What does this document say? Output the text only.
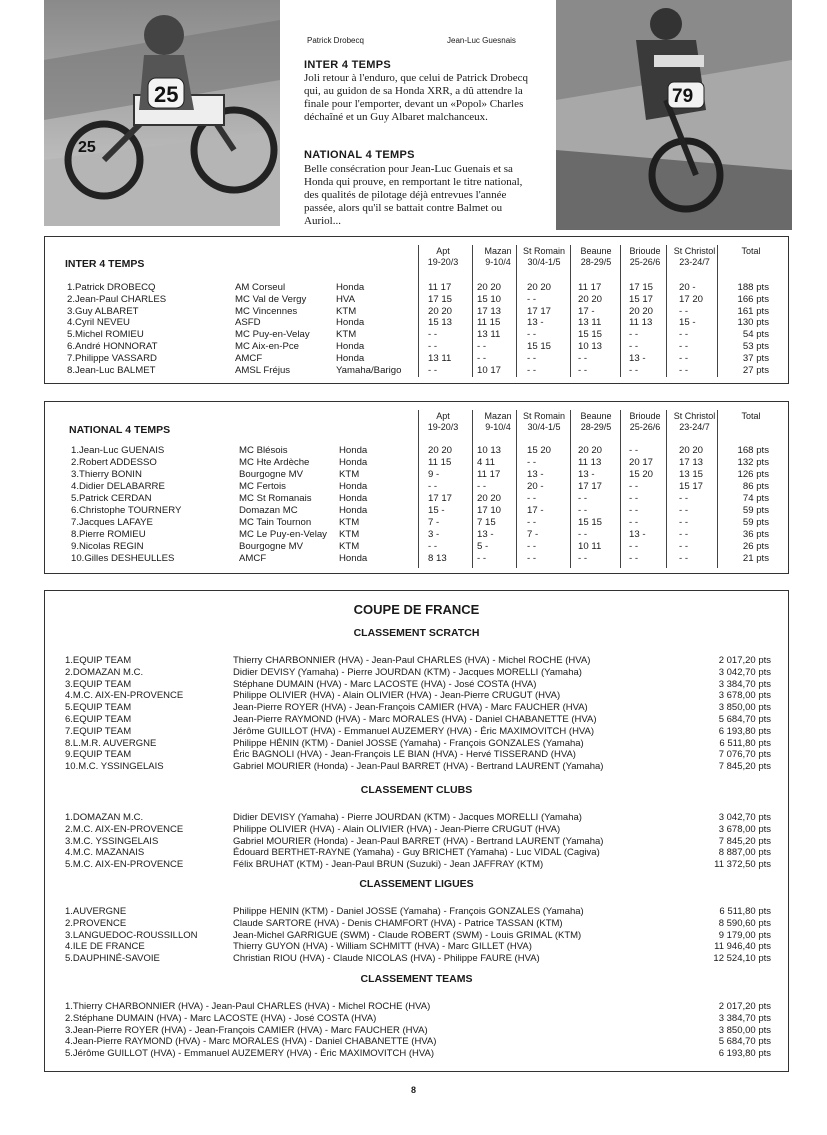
25
25
79
Patrick Drobecq	Jean-Luc Guesnais
INTER 4 TEMPS
Joli retour à l'enduro, que celui de Patrick Drobecq qui, au guidon de sa Honda XRR, a dû attendre la finale pour l'emporter, devant un «Popol» Charles déchaîné et un Guy Albaret malchanceux.
NATIONAL 4 TEMPS
Belle consécration pour Jean-Luc Guenais et sa Honda qui prouve, en remportant le titre national, des qualités de pilotage déjà entrevues l'année passée, alors qu'il se battait contre Balmet ou Auriol...
INTER 4 TEMPS
Apt
19-20/3
Mazan
9-10/4
St Romain
30/4-1/5
Beaune
28-29/5
Brioude
25-26/6
St Christol
23-24/7
Total
1.Patrick DROBECQ	AM Corseul	Honda	11 17	20 20	20 20	11 17	17 15	20 -	188 pts
2.Jean-Paul CHARLES	MC Val de Vergy	HVA	17 15	15 10	- -	20 20	15 17	17 20	166 pts
3.Guy ALBARET	MC Vincennes	KTM	20 20	17 13	17 17	17 -	20 20	- -	161 pts
4.Cyril NEVEU	ASFD	Honda	15 13	11 15	13 -	13 11	11 13	15 -	130 pts
5.Michel ROMIEU	MC Puy-en-Velay	KTM	- -	13 11	- -	15 15	- -	- -	54 pts
6.André HONNORAT	MC Aix-en-Pce	Honda	- -	- -	15 15	10 13	- -	- -	53 pts
7.Philippe VASSARD	AMCF	Honda	13 11	- -	- -	- -	13 -	- -	37 pts
8.Jean-Luc BALMET	AMSL Fréjus	Yamaha/Barigo	- -	10 17	- -	- -	- -	- -	27 pts
NATIONAL 4 TEMPS
Apt
19-20/3
Mazan
9-10/4
St Romain
30/4-1/5
Beaune
28-29/5
Brioude
25-26/6
St Christol
23-24/7
Total
1.Jean-Luc GUENAIS	MC Blésois	Honda	20 20	10 13	15 20	20 20	- -	20 20	168 pts
2.Robert ADDESSO	MC Hte Ardèche	Honda	11 15	4 11	- -	11 13	20 17	17 13	132 pts
3.Thierry BONIN	Bourgogne MV	KTM	9 -	11 17	13 -	13 -	15 20	13 15	126 pts
4.Didier DELABARRE	MC Fertois	Honda	- -	- -	20 -	17 17	- -	15 17	86 pts
5.Patrick CERDAN	MC St Romanais	Honda	17 17	20 20	- -	- -	- -	- -	74 pts
6.Christophe TOURNERY	Domazan MC	Honda	15 -	17 10	17 -	- -	- -	- -	59 pts
7.Jacques LAFAYE	MC Tain Tournon	KTM	7 -	7 15	- -	15 15	- -	- -	59 pts
8.Pierre ROMIEU	MC Le Puy-en-Velay KTM	3 -	13 -	7 -	- -	13 -	- -	36 pts
9.Nicolas REGIN	Bourgogne MV	KTM	- -	5 -	- -	10 11	- -	- -	26 pts
10.Gilles DESHEULLES	AMCF	Honda	8 13	- -	- -	- -	- -	- -	21 pts
COUPE DE FRANCE
CLASSEMENT SCRATCH
1.EQUIP TEAM	Thierry CHARBONNIER (HVA) - Jean-Paul CHARLES (HVA) - Michel ROCHE (HVA)	2 017,20 pts
2.DOMAZAN M.C.	Didier DEVISY (Yamaha) - Pierre JOURDAN (KTM) - Jacques MORELLI (Yamaha)	3 042,70 pts
3.EQUIP TEAM	Stéphane DUMAIN (HVA) - Marc LACOSTE (HVA) - José COSTA (HVA)	3 384,70 pts
4.M.C. AIX-EN-PROVENCE	Philippe OLIVIER (HVA) - Alain OLIVIER (HVA) - Jean-Pierre CRUGUT (HVA)	3 678,00 pts
5.EQUIP TEAM	Jean-Pierre ROYER (HVA) - Jean-François CAMIER (HVA) - Marc FAUCHER (HVA)	3 850,00 pts
6.EQUIP TEAM	Jean-Pierre RAYMOND (HVA) - Marc MORALES (HVA) - Daniel CHABANETTE (HVA)	5 684,70 pts
7.EQUIP TEAM	Jérôme GUILLOT (HVA) - Emmanuel AUZEMERY (HVA) - Éric MAXIMOVITCH (HVA)	6 193,80 pts
8.L.M.R. AUVERGNE	Philippe HÉNIN (KTM) - Daniel JOSSE (Yamaha) - François GONZALES (Yamaha)	6 511,80 pts
9.EQUIP TEAM	Éric BAGNOLI (HVA) - Jean-François LE BIAN (HVA) - Hervé TISSERAND (HVA)	7 076,70 pts
10.M.C. YSSINGELAIS	Gabriel MOURIER (Honda) - Jean-Paul BARRET (HVA) - Bertrand LAURENT (Yamaha)	7 845,20 pts
CLASSEMENT CLUBS
1.DOMAZAN M.C.	Didier DEVISY (Yamaha) - Pierre JOURDAN (KTM) - Jacques MORELLI (Yamaha)	3 042,70 pts
2.M.C. AIX-EN-PROVENCE	Philippe OLIVIER (HVA) - Alain OLIVIER (HVA) - Jean-Pierre CRUGUT (HVA)	3 678,00 pts
3.M.C. YSSINGELAIS	Gabriel MOURIER (Honda) - Jean-Paul BARRET (HVA) - Bertrand LAURENT (Yamaha)	7 845,20 pts
4.M.C. MAZANAIS	Édouard BERTHET-RAYNE (Yamaha) - Guy BRICHET (Yamaha) - Luc VIDAL (Cagiva)	8 887,00 pts
5.M.C. AIX-EN-PROVENCE	Félix BRUHAT (KTM) - Jean-Paul BRUN (Suzuki) - Jean JAFFRAY (KTM)	11 372,50 pts
CLASSEMENT LIGUES
1.AUVERGNE	Philippe HENIN (KTM) - Daniel JOSSE (Yamaha) - François GONZALES (Yamaha)	6 511,80 pts
2.PROVENCE	Claude SARTORE (HVA) - Denis CHAMFORT (HVA) - Patrice TASSAN (KTM)	8 590,60 pts
3.LANGUEDOC-ROUSSILLON	Jean-Michel GARRIGUE (SWM) - Claude ROBERT (SWM) - Louis GRIMAL (KTM)	9 179,00 pts
4.ILE DE FRANCE	Thierry GUYON (HVA) - William SCHMITT (HVA) - Marc GILLET (HVA)	11 946,40 pts
5.DAUPHINÉ-SAVOIE	Christian RIOU (HVA) - Claude NICOLAS (HVA) - Philippe FAURE (HVA)	12 524,10 pts
CLASSEMENT TEAMS
1.Thierry CHARBONNIER (HVA) - Jean-Paul CHARLES (HVA) - Michel ROCHE (HVA)	2 017,20 pts
2.Stéphane DUMAIN (HVA) - Marc LACOSTE (HVA) - José COSTA (HVA)	3 384,70 pts
3.Jean-Pierre ROYER (HVA) - Jean-François CAMIER (HVA) - Marc FAUCHER (HVA)	3 850,00 pts
4.Jean-Pierre RAYMOND (HVA) - Marc MORALES (HVA) - Daniel CHABANETTE (HVA)	5 684,70 pts
5.Jérôme GUILLOT (HVA) - Emmanuel AUZEMERY (HVA) - Éric MAXIMOVITCH (HVA)	6 193,80 pts
8
